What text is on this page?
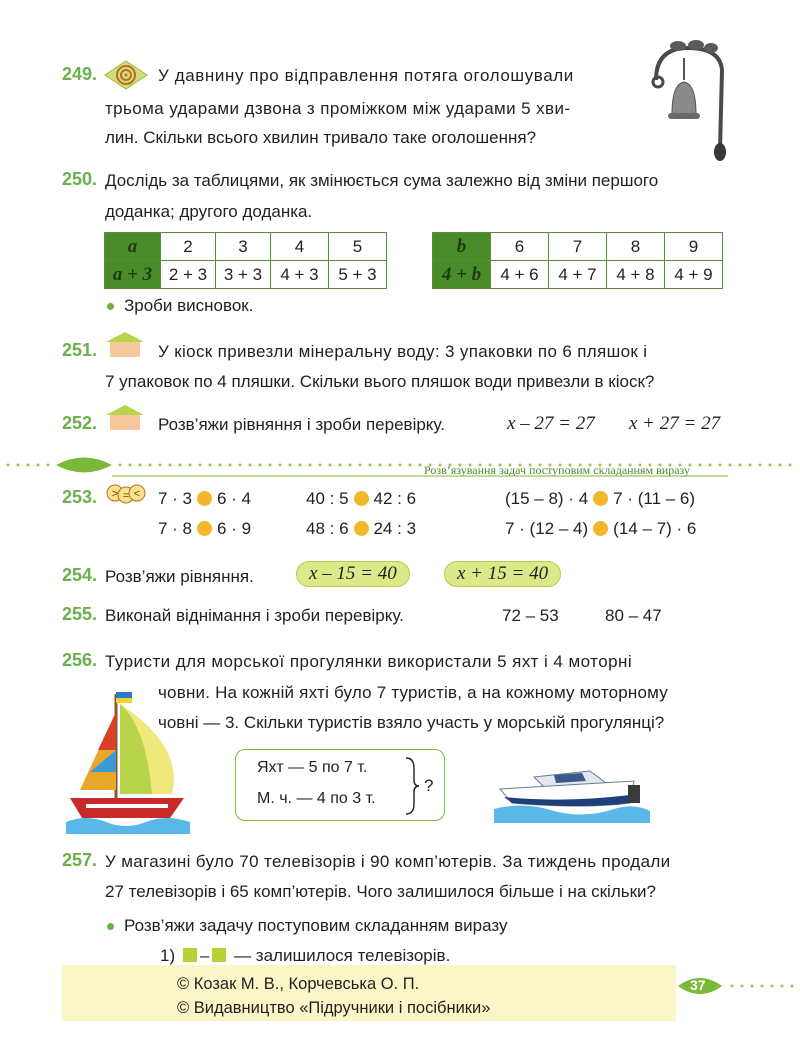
249.	У давнину про відправлення потяга оголошували
трьома ударами дзвона з проміжком між ударами 5 хви-
лин. Скільки всього хвилин тривало таке оголошення?
250. Дослідь за таблицями, як змінюється сума залежно від зміни першого
доданка; другого доданка.
a	2	3	4	5
a + 3	2 + 3	3 + 3	4 + 3	5 + 3
b	6	7	8	9
4 + b	4 + 6	4 + 7	4 + 8	4 + 9
Зроби висновок.
251.	У кіоск привезли мінеральну воду: 3 упаковки по 6 пляшок і
7 упаковок по 4 пляшки. Скільки вього пляшок води привезли в кіоск?
252.	Розв’яжи рівняння і зроби перевірку.	x – 27 = 27 x + 27 = 27
Розв’язування задач поступовим складанням виразу
253. > = < 7 · 3 6 · 4	40 : 5 42 : 6	(15 – 8) · 4 7 · (11 – 6)
7 · 8 6 · 9	48 : 6 24 : 3	7 · (12 – 4) (14 – 7) · 6
254. Розв’яжи рівняння.	x – 15 = 40	x + 15 = 40
255. Виконай віднімання і зроби перевірку.	72 – 53	80 – 47
256. Туристи для морської прогулянки використали 5 яхт і 4 моторні
човни. На кожній яхті було 7 туристів, а на кожному моторному
човні — 3. Скільки туристів взяло участь у морській прогулянці?
Яхт — 5 по 7 т.
М. ч. — 4 по 3 т.
?
257. У магазині було 70 телевізорів і 90 комп’ютерів. За тиждень продали
27 телевізорів і 65 комп’ютерів. Чого залишилося більше і на скільки?
Розв’яжи задачу поступовим складанням виразу
1) – — залишилося телевізорів.
© Козак М. В., Корчевська О. П.
© Видавництво «Підручники і посібники»
37
